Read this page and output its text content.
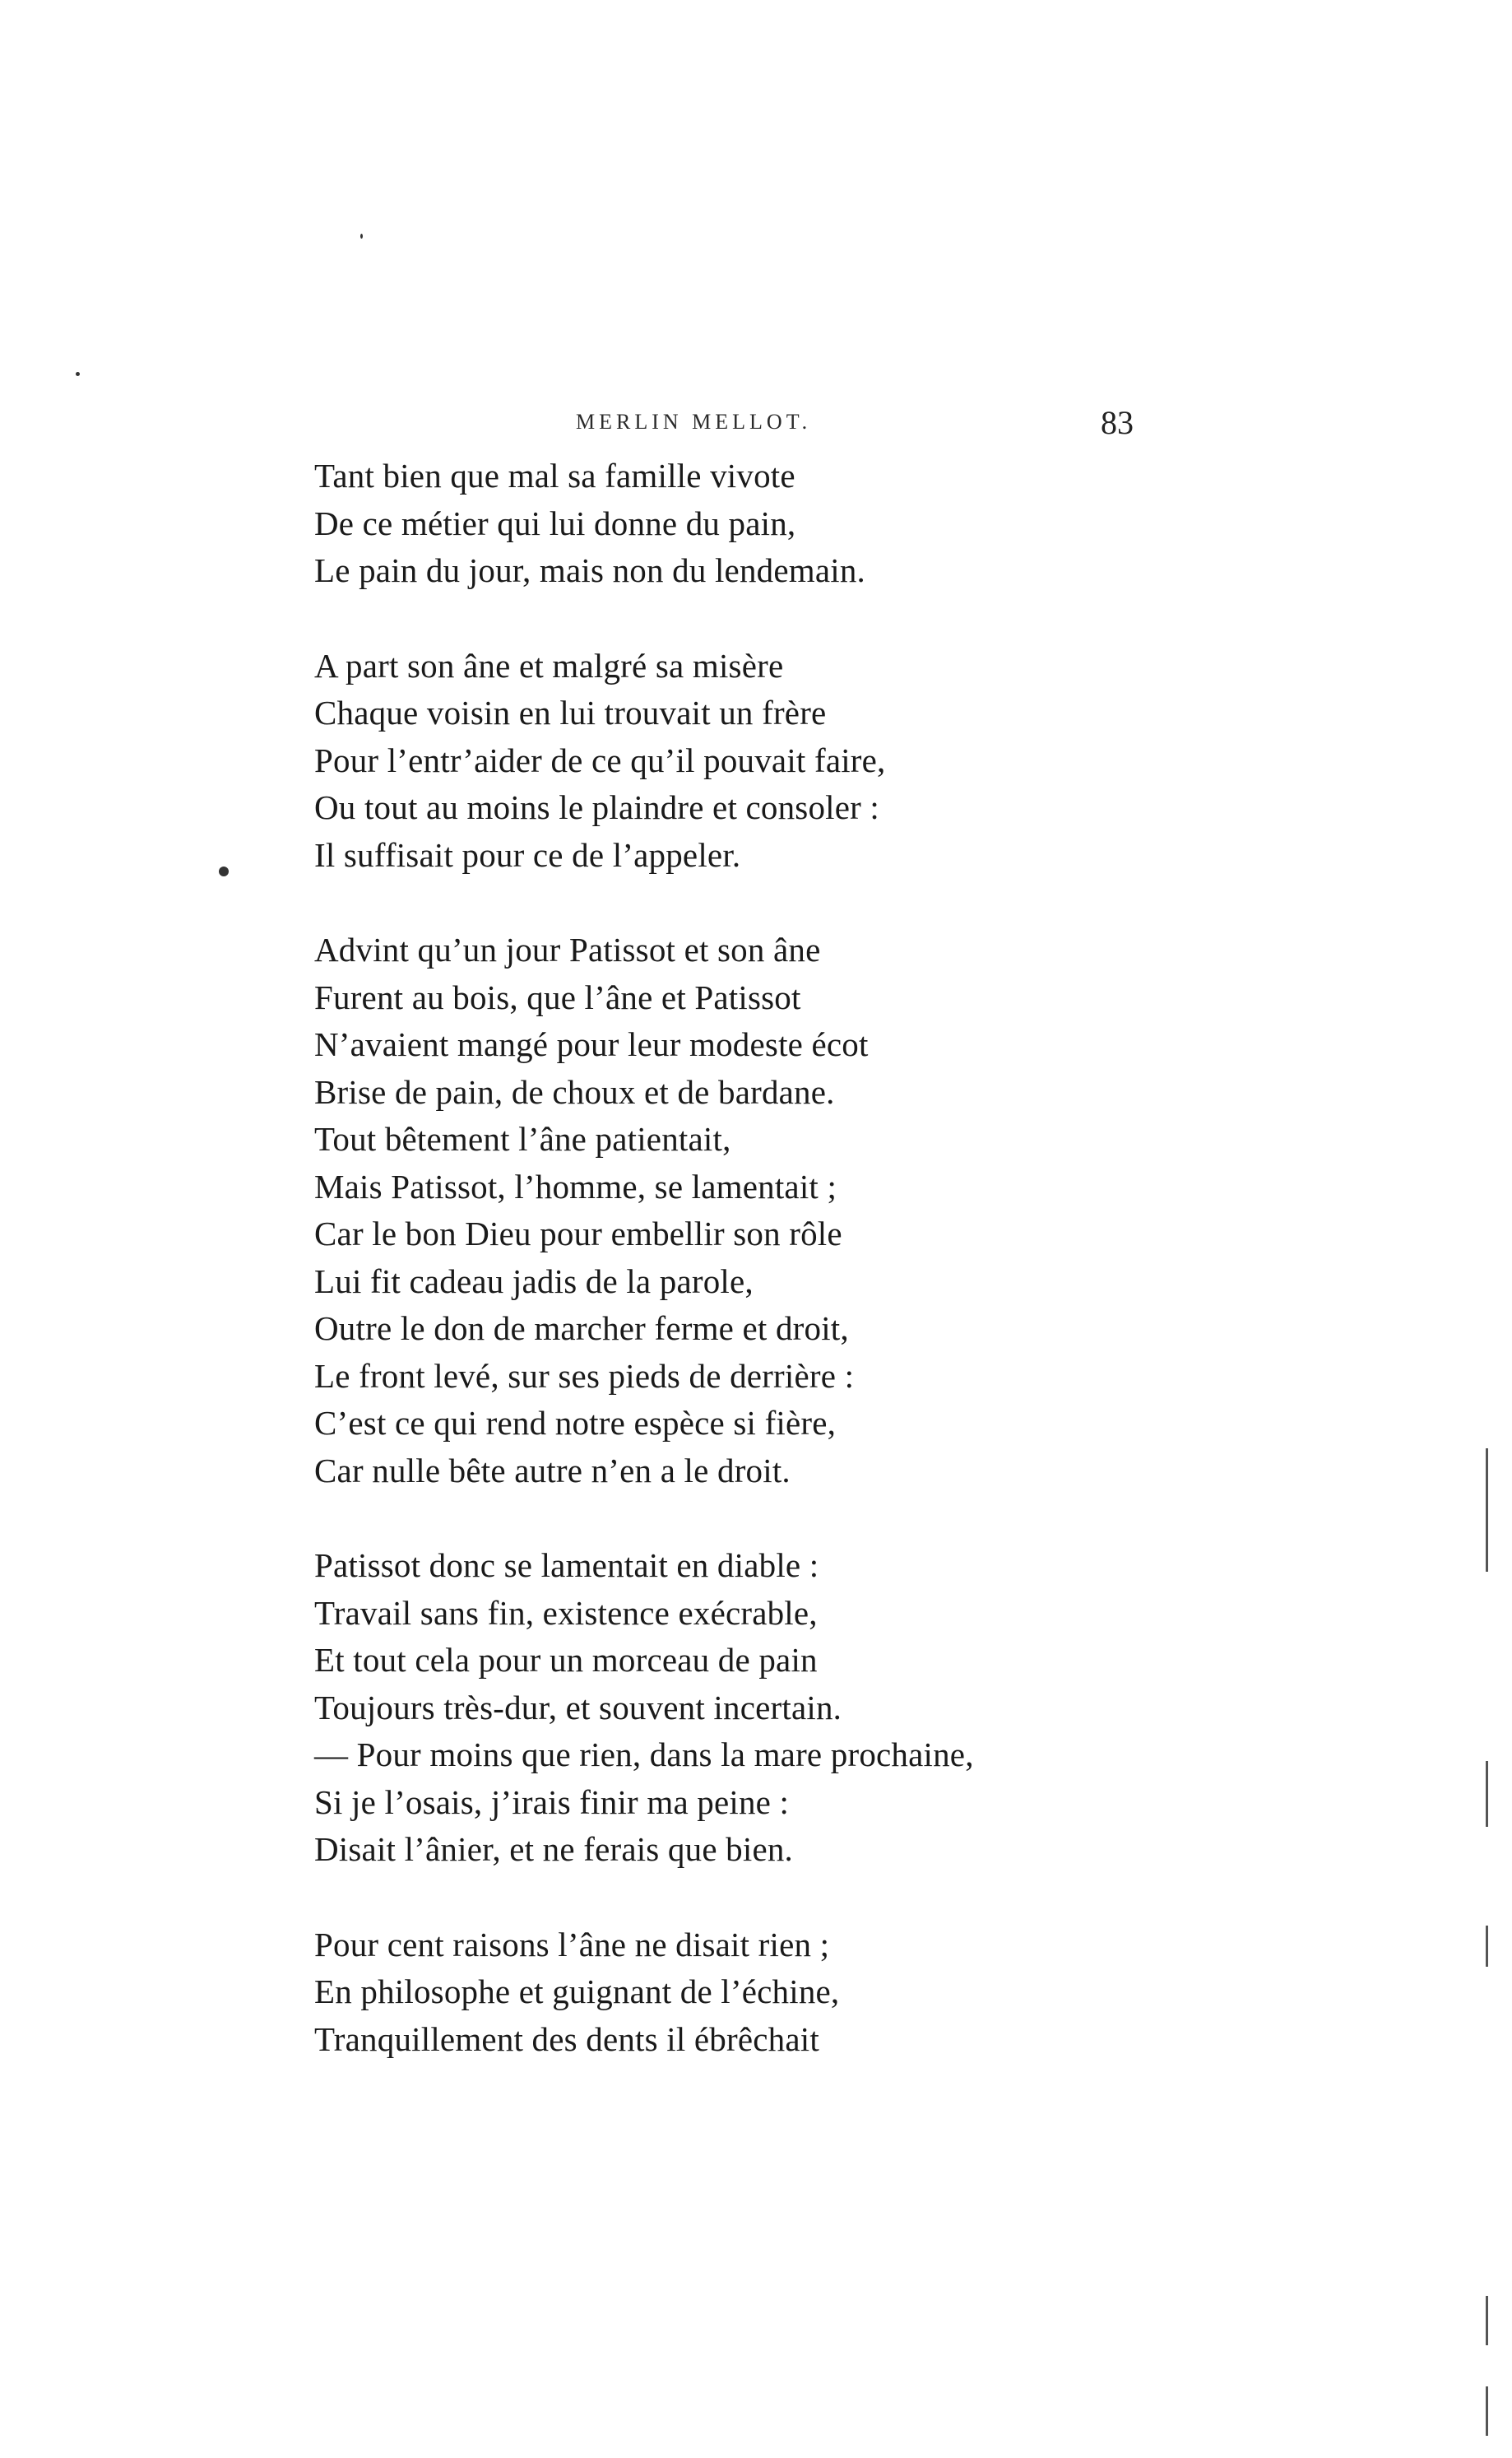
MERLIN MELLOT.	83
Tant bien que mal sa famille vivote
De ce métier qui lui donne du pain,
Le pain du jour, mais non du lendemain.
A part son âne et malgré sa misère
Chaque voisin en lui trouvait un frère
Pour l’entr’aider de ce qu’il pouvait faire,
Ou tout au moins le plaindre et consoler :
Il suffisait pour ce de l’appeler.
Advint qu’un jour Patissot et son âne
Furent au bois, que l’âne et Patissot
N’avaient mangé pour leur modeste écot
Brise de pain, de choux et de bardane.
Tout bêtement l’âne patientait,
Mais Patissot, l’homme, se lamentait ;
Car le bon Dieu pour embellir son rôle
Lui fit cadeau jadis de la parole,
Outre le don de marcher ferme et droit,
Le front levé, sur ses pieds de derrière :
C’est ce qui rend notre espèce si fière,
Car nulle bête autre n’en a le droit.
Patissot donc se lamentait en diable :
Travail sans fin, existence exécrable,
Et tout cela pour un morceau de pain
Toujours très-dur, et souvent incertain.
— Pour moins que rien, dans la mare prochaine,
Si je l’osais, j’irais finir ma peine :
Disait l’ânier, et ne ferais que bien.
Pour cent raisons l’âne ne disait rien ;
En philosophe et guignant de l’échine,
Tranquillement des dents il ébrêchait
